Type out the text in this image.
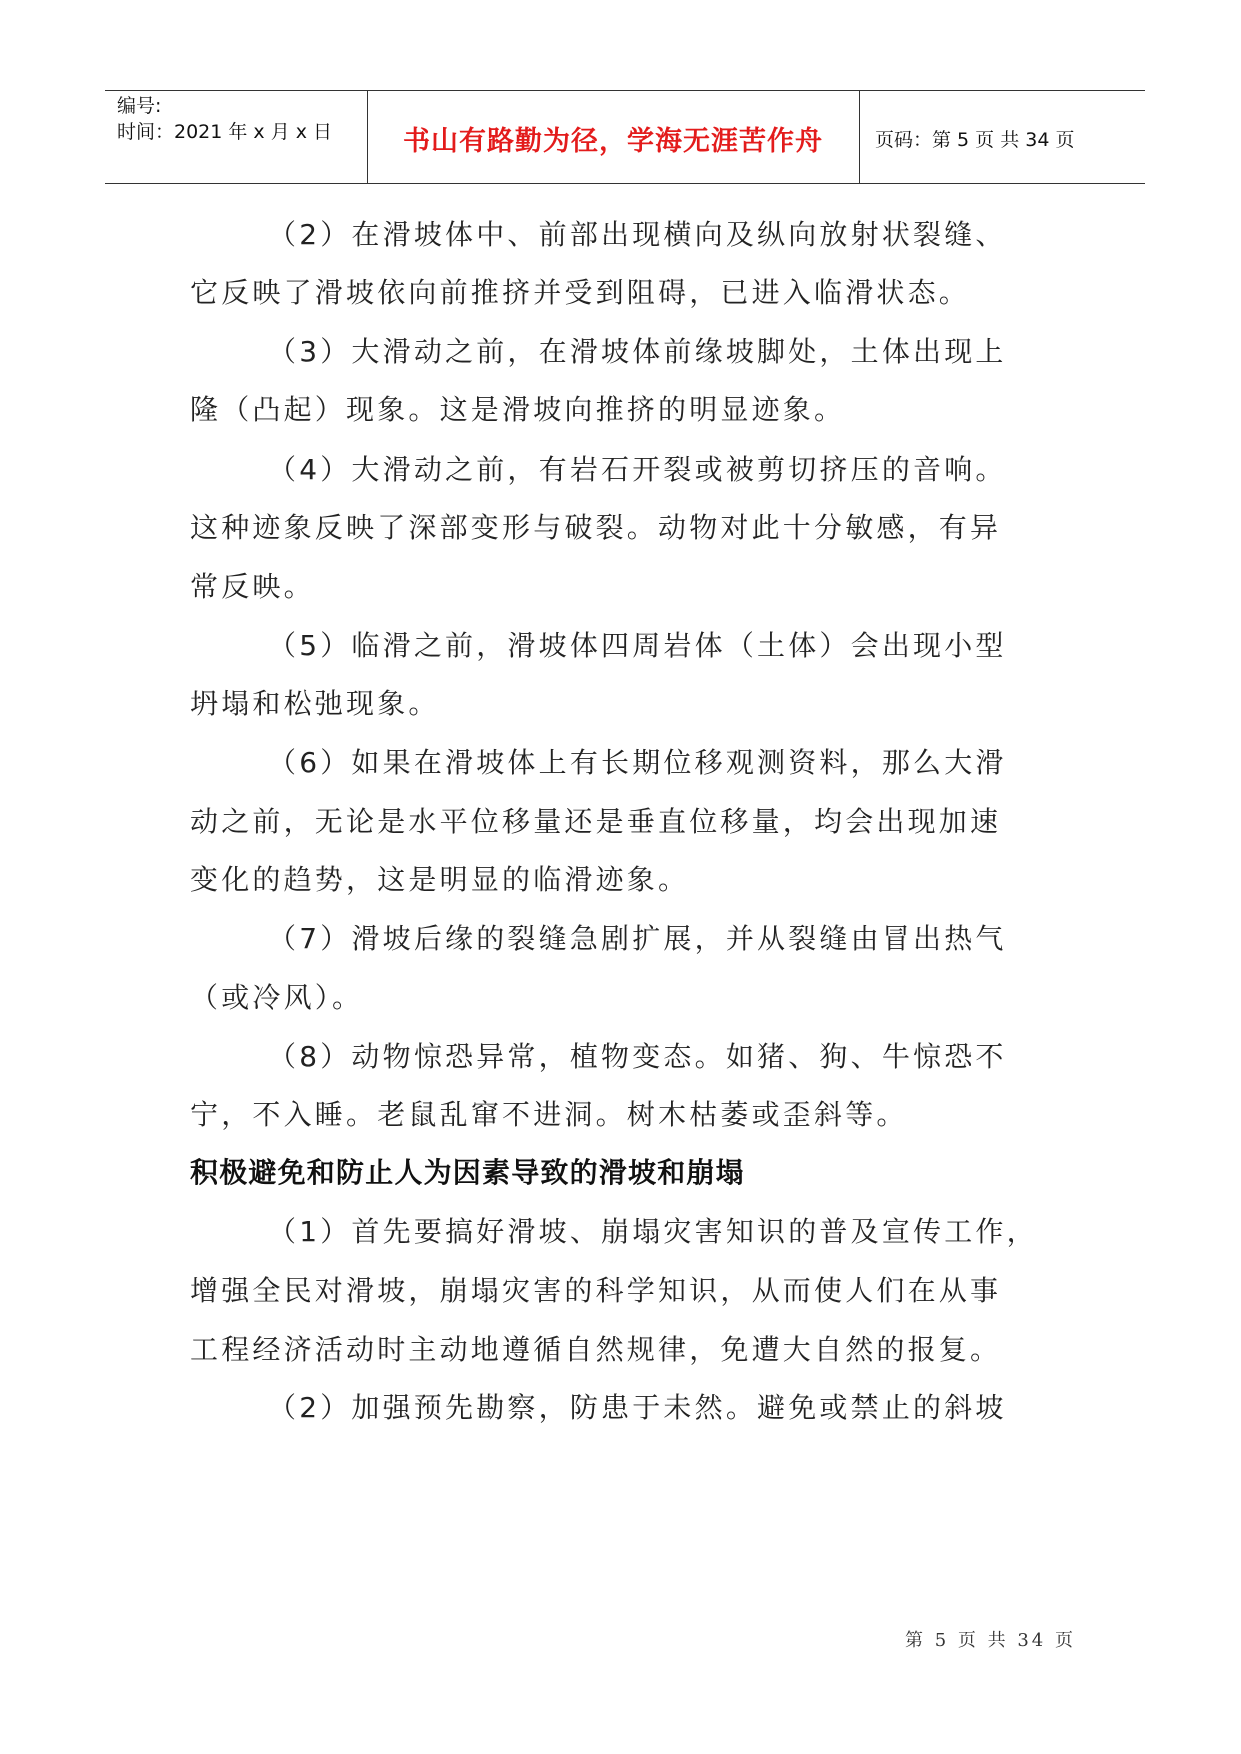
编号:
时间：2021 年 x 月 x 日	书山有路勤为径，学海无涯苦作舟	页码：第 5 页 共 34 页
（2）在滑坡体中、前部出现横向及纵向放射状裂缝、
它反映了滑坡依向前推挤并受到阻碍，已进入临滑状态。
（3）大滑动之前，在滑坡体前缘坡脚处，土体出现上
隆（凸起）现象。这是滑坡向推挤的明显迹象。
（4）大滑动之前，有岩石开裂或被剪切挤压的音响。
这种迹象反映了深部变形与破裂。动物对此十分敏感，有异
常反映。
（5）临滑之前，滑坡体四周岩体（土体）会出现小型
坍塌和松弛现象。
（6）如果在滑坡体上有长期位移观测资料，那么大滑
动之前，无论是水平位移量还是垂直位移量，均会出现加速
变化的趋势，这是明显的临滑迹象。
（7）滑坡后缘的裂缝急剧扩展，并从裂缝由冒出热气
（或冷风）。
（8）动物惊恐异常，植物变态。如猪、狗、牛惊恐不
宁，不入睡。老鼠乱窜不进洞。树木枯萎或歪斜等。
积极避免和防止人为因素导致的滑坡和崩塌
（1）首先要搞好滑坡、崩塌灾害知识的普及宣传工作，
增强全民对滑坡，崩塌灾害的科学知识，从而使人们在从事
工程经济活动时主动地遵循自然规律，免遭大自然的报复。
（2）加强预先勘察，防患于未然。避免或禁止的斜坡
第 5 页 共 34 页
